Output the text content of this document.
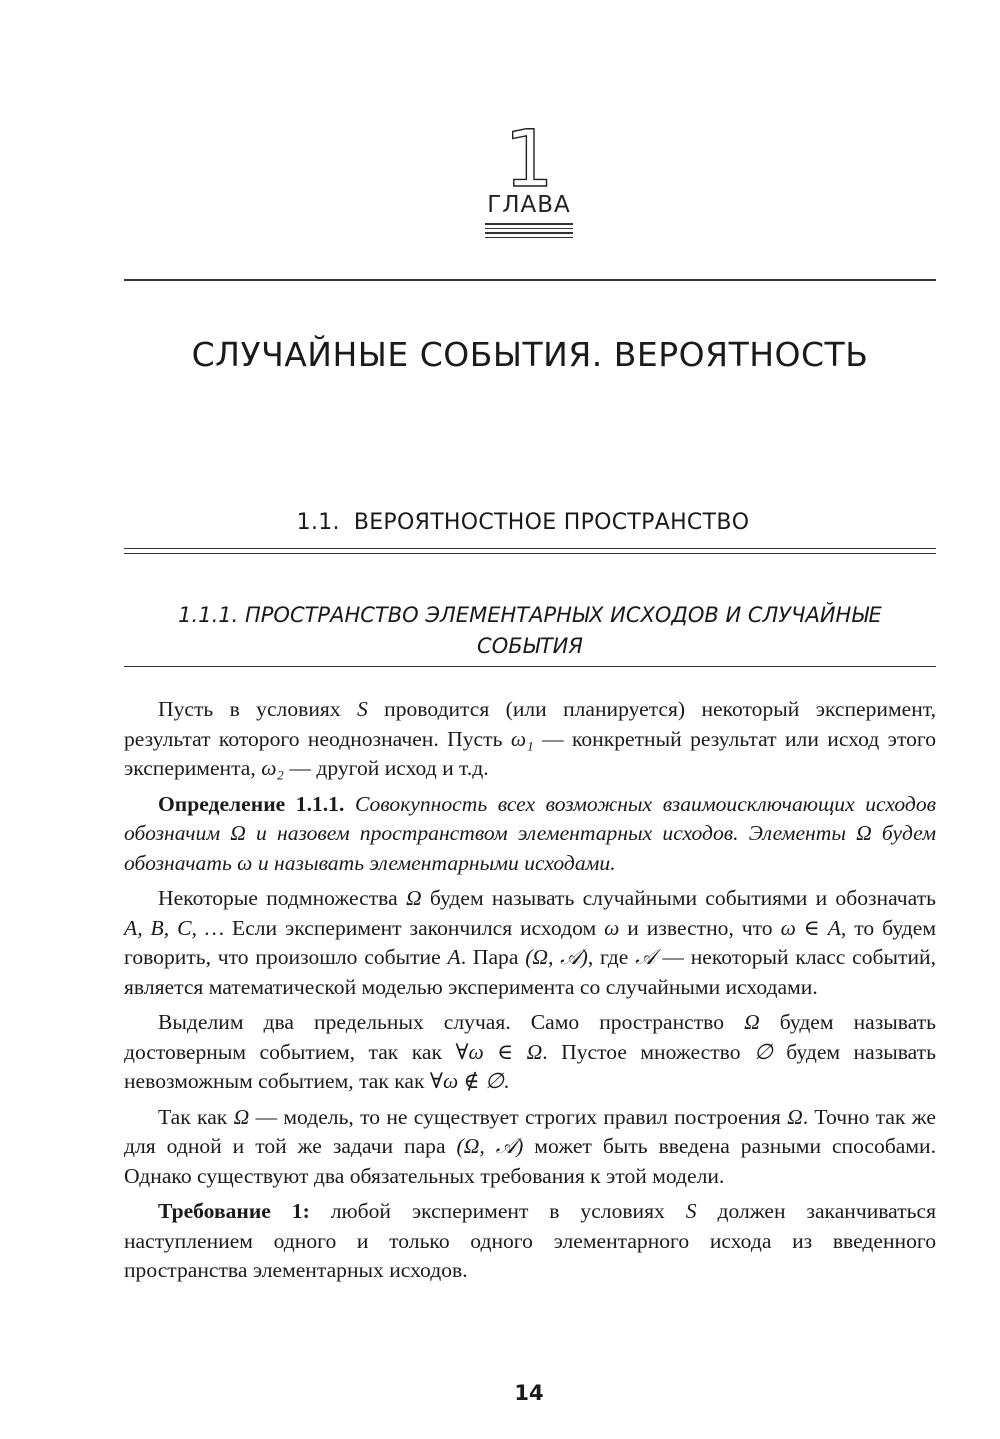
1
ГЛАВА
СЛУЧАЙНЫЕ СОБЫТИЯ. ВЕРОЯТНОСТЬ
1.1. ВЕРОЯТНОСТНОЕ ПРОСТРАНСТВО
1.1.1. ПРОСТРАНСТВО ЭЛЕМЕНТАРНЫХ ИСХОДОВ И СЛУЧАЙНЫЕ
СОБЫТИЯ

Пусть в условиях S проводится (или планируется) некоторый эксперимент, результат которого неоднозначен. Пусть ω₁ — конкретный результат или исход этого эксперимента, ω₂ — другой исход и т.д.

Определение 1.1.1. Совокупность всех возможных взаимоисключающих исходов обозначим Ω и назовем пространством элементарных исходов. Элементы Ω будем обозначать ω и называть элементарными исходами.

Некоторые подмножества Ω будем называть случайными событиями и обозначать A, B, C, … Если эксперимент закончился исходом ω и известно, что ω ∈ A, то будем говорить, что произошло событие A. Пара (Ω, 𝒜), где 𝒜 — некоторый класс событий, является математической моделью эксперимента со случайными исходами.

Выделим два предельных случая. Само пространство Ω будем называть достоверным событием, так как ∀ω ∈ Ω. Пустое множество ∅ будем называть невозможным событием, так как ∀ω ∉ ∅.

Так как Ω — модель, то не существует строгих правил построения Ω. Точно так же для одной и той же задачи пара (Ω, 𝒜) может быть введена разными способами. Однако существуют два обязательных требования к этой модели.

Требование 1: любой эксперимент в условиях S должен заканчиваться наступлением одного и только одного элементарного исхода из введенного пространства элементарных исходов.

14
